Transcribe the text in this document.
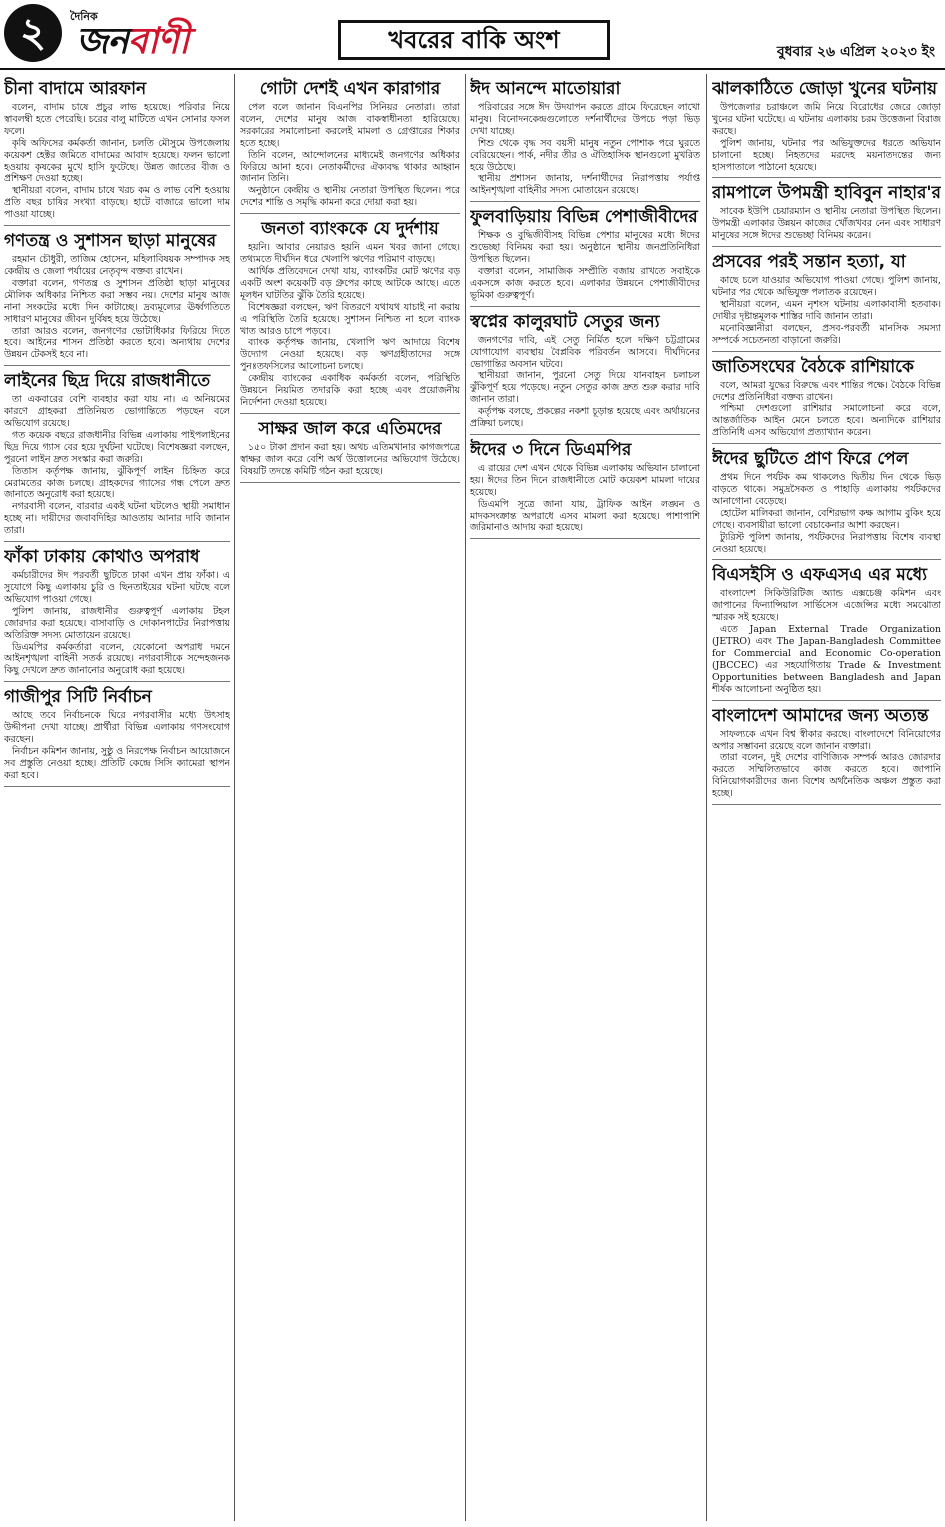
২	দৈনিক
জনবাণী	খবরের বাকি অংশ	বুধবার ২৬ এপ্রিল ২০২৩ ইং
চীনা বাদামে আরফান

বলেন, বাদাম চাষে প্রচুর লাভ হয়েছে। পরিবার নিয়ে স্বাবলম্বী হতে পেরেছি। চরের বালু মাটিতে এখন সোনার ফসল ফলে।

কৃষি অফিসের কর্মকর্তা জানান, চলতি মৌসুমে উপজেলায় কয়েকশ হেক্টর জমিতে বাদামের আবাদ হয়েছে। ফলন ভালো হওয়ায় কৃষকের মুখে হাসি ফুটেছে। উন্নত জাতের বীজ ও প্রশিক্ষণ দেওয়া হচ্ছে।

স্থানীয়রা বলেন, বাদাম চাষে খরচ কম ও লাভ বেশি হওয়ায় প্রতি বছর চাষির সংখ্যা বাড়ছে। হাটে বাজারে ভালো দাম পাওয়া যাচ্ছে।

গণতন্ত্র ও সুশাসন ছাড়া মানুষের

রহমান চৌধুরী, তাজিম হোসেন, মহিলাবিষয়ক সম্পাদক সহ কেন্দ্রীয় ও জেলা পর্যায়ের নেতৃবৃন্দ বক্তব্য রাখেন।

বক্তারা বলেন, গণতন্ত্র ও সুশাসন প্রতিষ্ঠা ছাড়া মানুষের মৌলিক অধিকার নিশ্চিত করা সম্ভব নয়। দেশের মানুষ আজ নানা সংকটের মধ্যে দিন কাটাচ্ছে। দ্রব্যমূল্যের ঊর্ধ্বগতিতে সাধারণ মানুষের জীবন দুর্বিষহ হয়ে উঠেছে।

তারা আরও বলেন, জনগণের ভোটাধিকার ফিরিয়ে দিতে হবে। আইনের শাসন প্রতিষ্ঠা করতে হবে। অন্যথায় দেশের উন্নয়ন টেকসই হবে না।

লাইনের ছিদ্র দিয়ে রাজধানীতে

তা একবারের বেশি ব্যবহার করা যায় না। এ অনিয়মের কারণে গ্রাহকরা প্রতিনিয়ত ভোগান্তিতে পড়ছেন বলে অভিযোগ রয়েছে।

গত কয়েক বছরে রাজধানীর বিভিন্ন এলাকায় পাইপলাইনের ছিদ্র দিয়ে গ্যাস বের হয়ে দুর্ঘটনা ঘটেছে। বিশেষজ্ঞরা বলছেন, পুরনো লাইন দ্রুত সংস্কার করা জরুরি।

তিতাস কর্তৃপক্ষ জানায়, ঝুঁকিপূর্ণ লাইন চিহ্নিত করে মেরামতের কাজ চলছে। গ্রাহকদের গ্যাসের গন্ধ পেলে দ্রুত জানাতে অনুরোধ করা হয়েছে।

নগরবাসী বলেন, বারবার একই ঘটনা ঘটলেও স্থায়ী সমাধান হচ্ছে না। দায়ীদের জবাবদিহির আওতায় আনার দাবি জানান তারা।

ফাঁকা ঢাকায় কোথাও অপরাধ

কর্মচারীদের ঈদ পরবর্তী ছুটিতে ঢাকা এখন প্রায় ফাঁকা। এ সুযোগে কিছু এলাকায় চুরি ও ছিনতাইয়ের ঘটনা ঘটছে বলে অভিযোগ পাওয়া গেছে।

পুলিশ জানায়, রাজধানীর গুরুত্বপূর্ণ এলাকায় টহল জোরদার করা হয়েছে। বাসাবাড়ি ও দোকানপাটের নিরাপত্তায় অতিরিক্ত সদস্য মোতায়েন রয়েছে।

ডিএমপির কর্মকর্তারা বলেন, যেকোনো অপরাধ দমনে আইনশৃঙ্খলা বাহিনী সতর্ক রয়েছে। নগরবাসীকে সন্দেহজনক কিছু দেখলে দ্রুত জানানোর অনুরোধ করা হয়েছে।

গাজীপুর সিটি নির্বাচন

আছে তবে নির্বাচনকে ঘিরে নগরবাসীর মধ্যে উৎসাহ উদ্দীপনা দেখা যাচ্ছে। প্রার্থীরা বিভিন্ন এলাকায় গণসংযোগ করছেন।

নির্বাচন কমিশন জানায়, সুষ্ঠু ও নিরপেক্ষ নির্বাচন আয়োজনে সব প্রস্তুতি নেওয়া হচ্ছে। প্রতিটি কেন্দ্রে সিসি ক্যামেরা স্থাপন করা হবে।

গোটা দেশই এখন কারাগার

পেল বলে জানান বিএনপির সিনিয়র নেতারা। তারা বলেন, দেশের মানুষ আজ বাকস্বাধীনতা হারিয়েছে। সরকারের সমালোচনা করলেই মামলা ও গ্রেপ্তারের শিকার হতে হচ্ছে।

তিনি বলেন, আন্দোলনের মাধ্যমেই জনগণের অধিকার ফিরিয়ে আনা হবে। নেতাকর্মীদের ঐক্যবদ্ধ থাকার আহ্বান জানান তিনি।

অনুষ্ঠানে কেন্দ্রীয় ও স্থানীয় নেতারা উপস্থিত ছিলেন। পরে দেশের শান্তি ও সমৃদ্ধি কামনা করে দোয়া করা হয়।

জনতা ব্যাংককে যে দুর্দশায়

হয়নি। আবার নেয়ারও হয়নি এমন খবর জানা গেছে। তথ্যমতে দীর্ঘদিন ধরে খেলাপি ঋণের পরিমাণ বাড়ছে।

আর্থিক প্রতিবেদনে দেখা যায়, ব্যাংকটির মোট ঋণের বড় একটি অংশ কয়েকটি বড় গ্রুপের কাছে আটকে আছে। এতে মূলধন ঘাটতির ঝুঁকি তৈরি হয়েছে।

বিশেষজ্ঞরা বলছেন, ঋণ বিতরণে যথাযথ যাচাই না করায় এ পরিস্থিতি তৈরি হয়েছে। সুশাসন নিশ্চিত না হলে ব্যাংক খাত আরও চাপে পড়বে।

ব্যাংক কর্তৃপক্ষ জানায়, খেলাপি ঋণ আদায়ে বিশেষ উদ্যোগ নেওয়া হয়েছে। বড় ঋণগ্রহীতাদের সঙ্গে পুনঃতফসিলের আলোচনা চলছে।

কেন্দ্রীয় ব্যাংকের একাধিক কর্মকর্তা বলেন, পরিস্থিতি উন্নয়নে নিয়মিত তদারকি করা হচ্ছে এবং প্রয়োজনীয় নির্দেশনা দেওয়া হয়েছে।

সাক্ষর জাল করে এতিমদের

১৫০ টাকা প্রদান করা হয়। অথচ এতিমখানার কাগজপত্রে স্বাক্ষর জাল করে বেশি অর্থ উত্তোলনের অভিযোগ উঠেছে। বিষয়টি তদন্তে কমিটি গঠন করা হয়েছে।

ঈদ আনন্দে মাতোয়ারা

পরিবারের সঙ্গে ঈদ উদযাপন করতে গ্রামে ফিরেছেন লাখো মানুষ। বিনোদনকেন্দ্রগুলোতে দর্শনার্থীদের উপচে পড়া ভিড় দেখা যাচ্ছে।

শিশু থেকে বৃদ্ধ সব বয়সী মানুষ নতুন পোশাক পরে ঘুরতে বেরিয়েছেন। পার্ক, নদীর তীর ও ঐতিহাসিক স্থানগুলো মুখরিত হয়ে উঠেছে।

স্থানীয় প্রশাসন জানায়, দর্শনার্থীদের নিরাপত্তায় পর্যাপ্ত আইনশৃঙ্খলা বাহিনীর সদস্য মোতায়েন রয়েছে।

ফুলবাড়িয়ায় বিভিন্ন পেশাজীবীদের

শিক্ষক ও বুদ্ধিজীবীসহ বিভিন্ন পেশার মানুষের মধ্যে ঈদের শুভেচ্ছা বিনিময় করা হয়। অনুষ্ঠানে স্থানীয় জনপ্রতিনিধিরা উপস্থিত ছিলেন।

বক্তারা বলেন, সামাজিক সম্প্রীতি বজায় রাখতে সবাইকে একসঙ্গে কাজ করতে হবে। এলাকার উন্নয়নে পেশাজীবীদের ভূমিকা গুরুত্বপূর্ণ।

স্বপ্নের কালুরঘাট সেতুর জন্য

জনগণের দাবি, এই সেতু নির্মিত হলে দক্ষিণ চট্টগ্রামের যোগাযোগ ব্যবস্থায় বৈপ্লবিক পরিবর্তন আসবে। দীর্ঘদিনের ভোগান্তির অবসান ঘটবে।

স্থানীয়রা জানান, পুরনো সেতু দিয়ে যানবাহন চলাচল ঝুঁকিপূর্ণ হয়ে পড়েছে। নতুন সেতুর কাজ দ্রুত শুরু করার দাবি জানান তারা।

কর্তৃপক্ষ বলছে, প্রকল্পের নকশা চূড়ান্ত হয়েছে এবং অর্থায়নের প্রক্রিয়া চলছে।

ঈদের ৩ দিনে ডিএমপির

এ রায়ের দেশ এখন থেকে বিভিন্ন এলাকায় অভিযান চালানো হয়। ঈদের তিন দিনে রাজধানীতে মোট কয়েকশ মামলা দায়ের হয়েছে।

ডিএমপি সূত্রে জানা যায়, ট্রাফিক আইন লঙ্ঘন ও মাদকসংক্রান্ত অপরাধে এসব মামলা করা হয়েছে। পাশাপাশি জরিমানাও আদায় করা হয়েছে।

ঝালকাঠিতে জোড়া খুনের ঘটনায়

উপজেলার চরাঞ্চলে জমি নিয়ে বিরোধের জেরে জোড়া খুনের ঘটনা ঘটেছে। এ ঘটনায় এলাকায় চরম উত্তেজনা বিরাজ করছে।

পুলিশ জানায়, ঘটনার পর অভিযুক্তদের ধরতে অভিযান চালানো হচ্ছে। নিহতদের মরদেহ ময়নাতদন্তের জন্য হাসপাতালে পাঠানো হয়েছে।

রামপালে উপমন্ত্রী হাবিবুন নাহার'র

সাবেক ইউপি চেয়ারম্যান ও স্থানীয় নেতারা উপস্থিত ছিলেন। উপমন্ত্রী এলাকার উন্নয়ন কাজের খোঁজখবর নেন এবং সাধারণ মানুষের সঙ্গে ঈদের শুভেচ্ছা বিনিময় করেন।

প্রসবের পরই সন্তান হত্যা, যা

কাছে চলে যাওয়ার অভিযোগ পাওয়া গেছে। পুলিশ জানায়, ঘটনার পর থেকে অভিযুক্ত পলাতক রয়েছেন।

স্থানীয়রা বলেন, এমন নৃশংস ঘটনায় এলাকাবাসী হতবাক। দোষীর দৃষ্টান্তমূলক শাস্তির দাবি জানান তারা।

মনোবিজ্ঞানীরা বলছেন, প্রসব-পরবর্তী মানসিক সমস্যা সম্পর্কে সচেতনতা বাড়ানো জরুরি।

জাতিসংঘের বৈঠকে রাশিয়াকে

বলে, আমরা যুদ্ধের বিরুদ্ধে এবং শান্তির পক্ষে। বৈঠকে বিভিন্ন দেশের প্রতিনিধিরা বক্তব্য রাখেন।

পশ্চিমা দেশগুলো রাশিয়ার সমালোচনা করে বলে, আন্তর্জাতিক আইন মেনে চলতে হবে। অন্যদিকে রাশিয়ার প্রতিনিধি এসব অভিযোগ প্রত্যাখ্যান করেন।

ঈদের ছুটিতে প্রাণ ফিরে পেল

প্রথম দিনে পর্যটক কম থাকলেও দ্বিতীয় দিন থেকে ভিড় বাড়তে থাকে। সমুদ্রসৈকত ও পাহাড়ি এলাকায় পর্যটকদের আনাগোনা বেড়েছে।

হোটেল মালিকরা জানান, বেশিরভাগ কক্ষ আগাম বুকিং হয়ে গেছে। ব্যবসায়ীরা ভালো বেচাকেনার আশা করছেন।

ট্যুরিস্ট পুলিশ জানায়, পর্যটকদের নিরাপত্তায় বিশেষ ব্যবস্থা নেওয়া হয়েছে।

বিএসইসি ও এফএসএ এর মধ্যে

বাংলাদেশ সিকিউরিটিজ অ্যান্ড এক্সচেঞ্জ কমিশন এবং জাপানের ফিন্যান্সিয়াল সার্ভিসেস এজেন্সির মধ্যে সমঝোতা স্মারক সই হয়েছে।

এতে Japan External Trade Organization (JETRO) এবং The Japan-Bangladesh Committee for Commercial and Economic Co-operation (JBCCEC) এর সহযোগিতায় Trade & Investment Opportunities between Bangladesh and Japan শীর্ষক আলোচনা অনুষ্ঠিত হয়।

বাংলাদেশ আমাদের জন্য অত্যন্ত

সাফল্যকে এখন বিশ্ব স্বীকার করছে। বাংলাদেশে বিনিয়োগের অপার সম্ভাবনা রয়েছে বলে জানান বক্তারা।

তারা বলেন, দুই দেশের বাণিজ্যিক সম্পর্ক আরও জোরদার করতে সম্মিলিতভাবে কাজ করতে হবে। জাপানি বিনিয়োগকারীদের জন্য বিশেষ অর্থনৈতিক অঞ্চল প্রস্তুত করা হচ্ছে।
